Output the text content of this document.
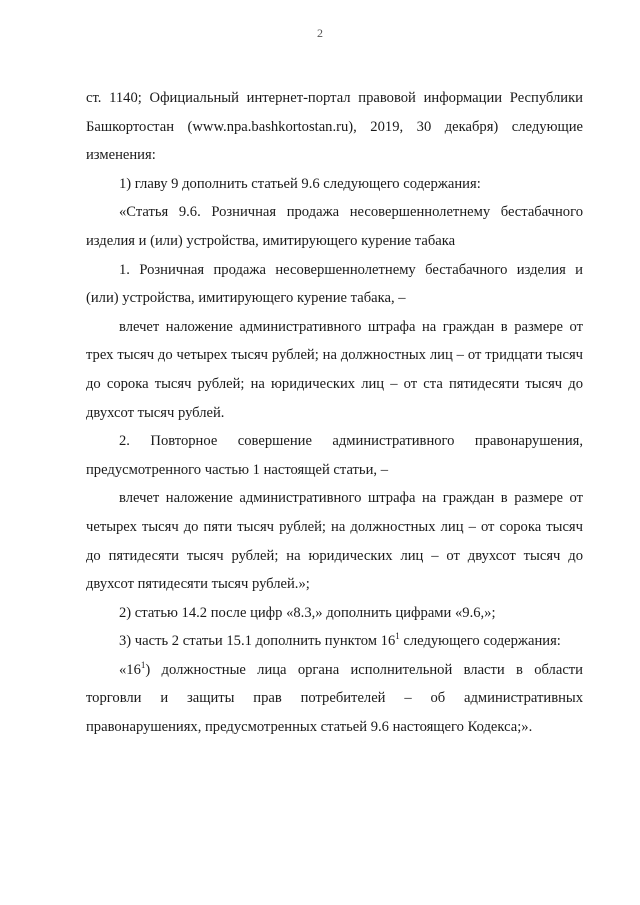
2

ст. 1140; Официальный интернет-портал правовой информации Республики Башкортостан (www.npa.bashkortostan.ru), 2019, 30 декабря) следующие изменения:

1) главу 9 дополнить статьей 9.6 следующего содержания:

«Статья 9.6. Розничная продажа несовершеннолетнему бестабачного изделия и (или) устройства, имитирующего курение табака

1. Розничная продажа несовершеннолетнему бестабачного изделия и (или) устройства, имитирующего курение табака, –

влечет наложение административного штрафа на граждан в размере от трех тысяч до четырех тысяч рублей; на должностных лиц – от тридцати тысяч до сорока тысяч рублей; на юридических лиц – от ста пятидесяти тысяч до двухсот тысяч рублей.

2. Повторное совершение административного правонарушения, предусмотренного частью 1 настоящей статьи, –

влечет наложение административного штрафа на граждан в размере от четырех тысяч до пяти тысяч рублей; на должностных лиц – от сорока тысяч до пятидесяти тысяч рублей; на юридических лиц – от двухсот тысяч до двухсот пятидесяти тысяч рублей.»;

2) статью 14.2 после цифр «8.3,» дополнить цифрами «9.6,»;

3) часть 2 статьи 15.1 дополнить пунктом $16^1$ следующего содержания:

«$16^1$) должностные лица органа исполнительной власти в области торговли и защиты прав потребителей – об административных правонарушениях, предусмотренных статьей 9.6 настоящего Кодекса;».
